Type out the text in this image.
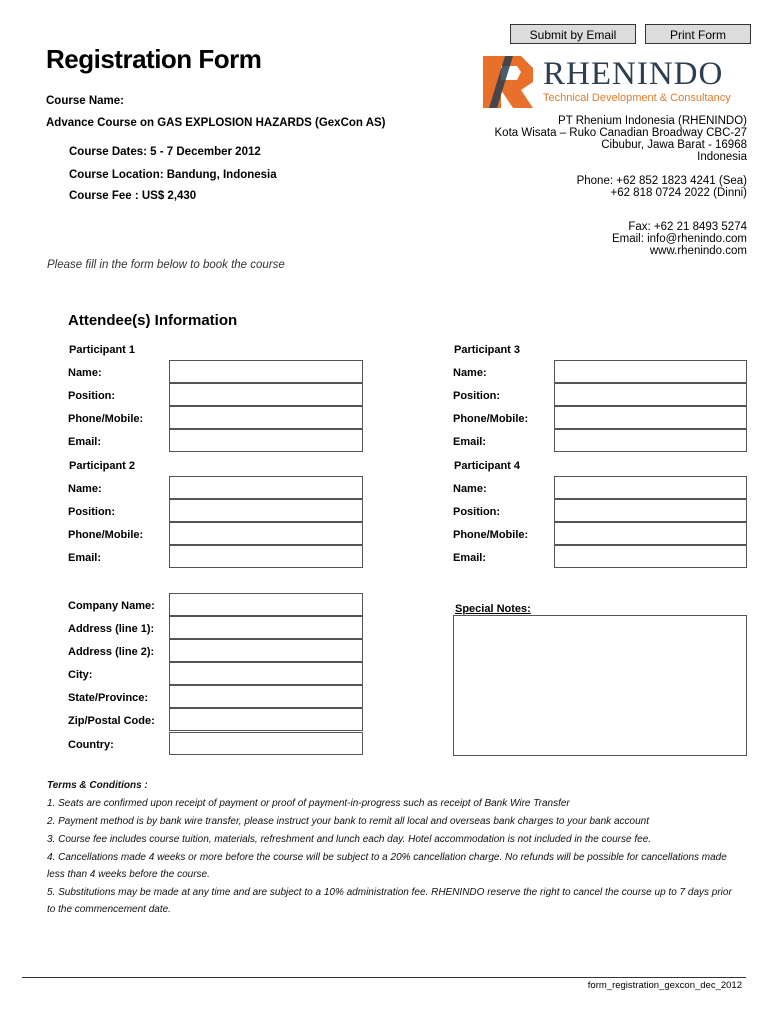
Submit by Email	Print Form
Registration Form	RHENINDO
Technical Development & Consultancy
Course Name:
Advance Course on GAS EXPLOSION HAZARDS (GexCon AS)
Course Dates: 5 - 7 December 2012
Course Location: Bandung, Indonesia
Course Fee : US$ 2,430
PT Rhenium Indonesia (RHENINDO)
Kota Wisata – Ruko Canadian Broadway CBC-27
Cibubur, Jawa Barat - 16968
Indonesia
Phone: +62 852 1823 4241 (Sea)
+62 818 0724 2022 (Dinni)
Fax: +62 21 8493 5274
Email: info@rhenindo.com
www.rhenindo.com
Please fill in the form below to book the course
Attendee(s) Information
Participant 1
Name:
Position:
Phone/Mobile:
Email:
Participant 2
Name:
Position:
Phone/Mobile:
Email:
Participant 3
Name:
Position:
Phone/Mobile:
Email:
Participant 4
Name:
Position:
Phone/Mobile:
Email:
Company Name:
Address (line 1):
Address (line 2):
City:
State/Province:
Zip/Postal Code:
Country:
Special Notes:
Terms & Conditions :
1. Seats are confirmed upon receipt of payment or proof of payment-in-progress such as receipt of Bank Wire Transfer
2. Payment method is by bank wire transfer, please instruct your bank to remit all local and overseas bank charges to your bank account
3. Course fee includes course tuition, materials, refreshment and lunch each day. Hotel accommodation is not included in the course fee.
4. Cancellations made 4 weeks or more before the course will be subject to a 20% cancellation charge. No refunds will be possible for cancellations made
less than 4 weeks before the course.
5. Substitutions may be made at any time and are subject to a 10% administration fee. RHENINDO reserve the right to cancel the course up to 7 days prior
to the commencement date.
form_registration_gexcon_dec_2012
